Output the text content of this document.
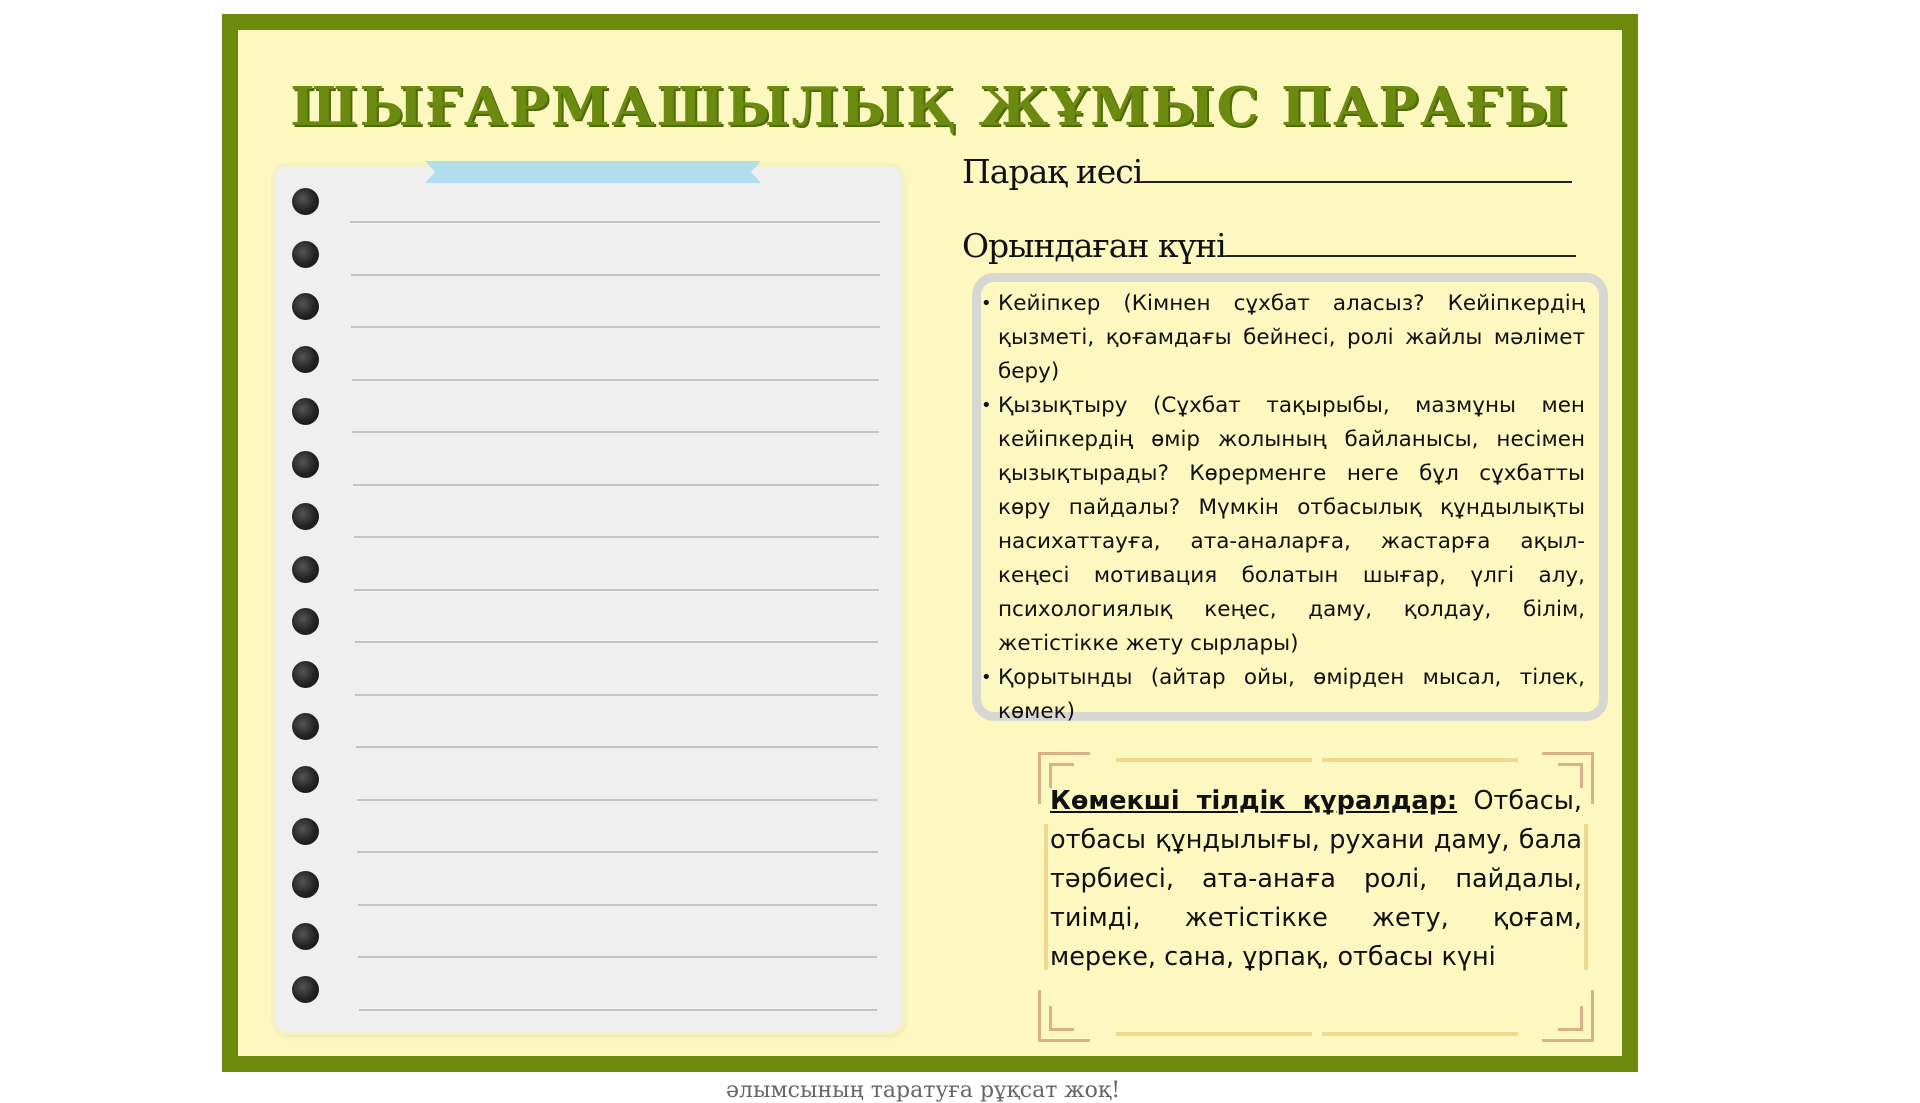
ШЫҒАРМАШЫЛЫҚ ЖҰМЫС ПАРАҒЫ

Парақ иесі

Орындаған күні

• Кейіпкер (Кімнен сұхбат аласыз? Кейіпкердің қызметі, қоғамдағы бейнесі, ролі жайлы мәлімет беру)
• Қызықтыру (Сұхбат тақырыбы, мазмұны мен кейіпкердің өмір жолының байланысы, несімен қызықтырады? Көрерменге неге бұл сұхбатты көру пайдалы? Мүмкін отбасылық құндылықты насихаттауға, ата-аналарға, жастарға ақыл-кеңесі мотивация болатын шығар, үлгі алу, психологиялық кеңес, даму, қолдау, білім, жетістікке жету сырлары)
• Қорытынды (айтар ойы, өмірден мысал, тілек, көмек)

Көмекші тілдік құралдар: Отбасы, отбасы құндылығы, рухани даму, бала тәрбиесі, ата-анаға ролі, пайдалы, тиімді, жетістікке жету, қоғам, мереке, сана, ұрпақ, отбасы күні

әлымсының таратуға рұқсат жоқ!
